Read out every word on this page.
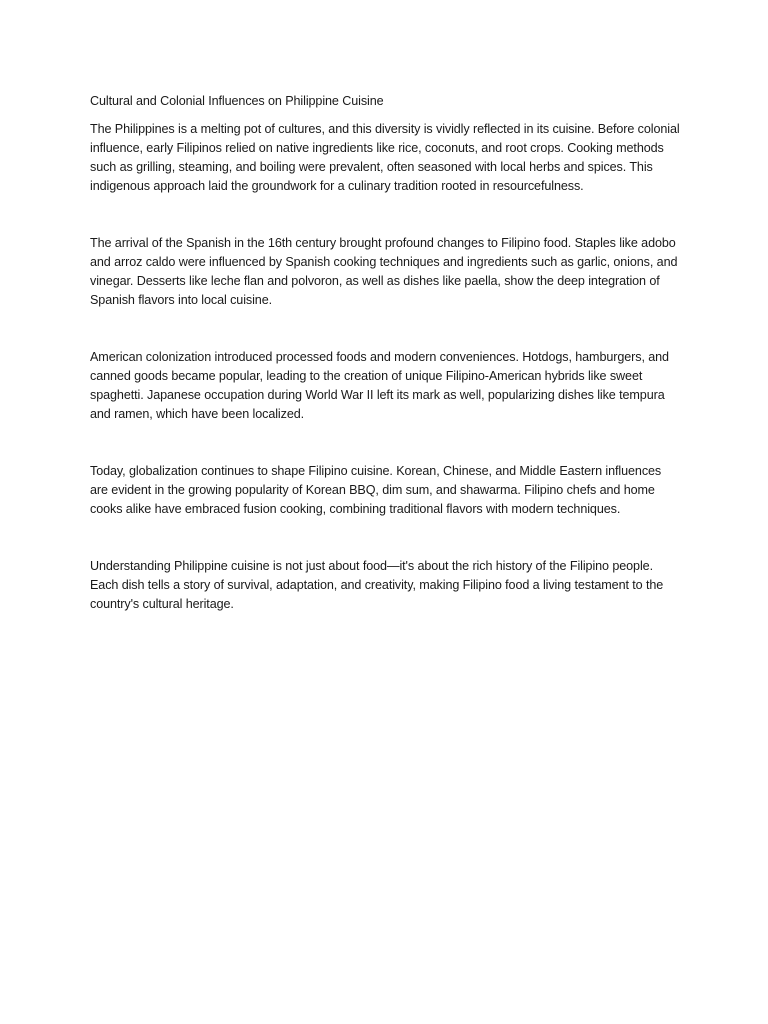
Cultural and Colonial Influences on Philippine Cuisine

The Philippines is a melting pot of cultures, and this diversity is vividly reflected in its cuisine. Before colonial influence, early Filipinos relied on native ingredients like rice, coconuts, and root crops. Cooking methods such as grilling, steaming, and boiling were prevalent, often seasoned with local herbs and spices. This indigenous approach laid the groundwork for a culinary tradition rooted in resourcefulness.

The arrival of the Spanish in the 16th century brought profound changes to Filipino food. Staples like adobo and arroz caldo were influenced by Spanish cooking techniques and ingredients such as garlic, onions, and vinegar. Desserts like leche flan and polvoron, as well as dishes like paella, show the deep integration of Spanish flavors into local cuisine.

American colonization introduced processed foods and modern conveniences. Hotdogs, hamburgers, and canned goods became popular, leading to the creation of unique Filipino-American hybrids like sweet spaghetti. Japanese occupation during World War II left its mark as well, popularizing dishes like tempura and ramen, which have been localized.

Today, globalization continues to shape Filipino cuisine. Korean, Chinese, and Middle Eastern influences are evident in the growing popularity of Korean BBQ, dim sum, and shawarma. Filipino chefs and home cooks alike have embraced fusion cooking, combining traditional flavors with modern techniques.

Understanding Philippine cuisine is not just about food—it's about the rich history of the Filipino people. Each dish tells a story of survival, adaptation, and creativity, making Filipino food a living testament to the country's cultural heritage.
